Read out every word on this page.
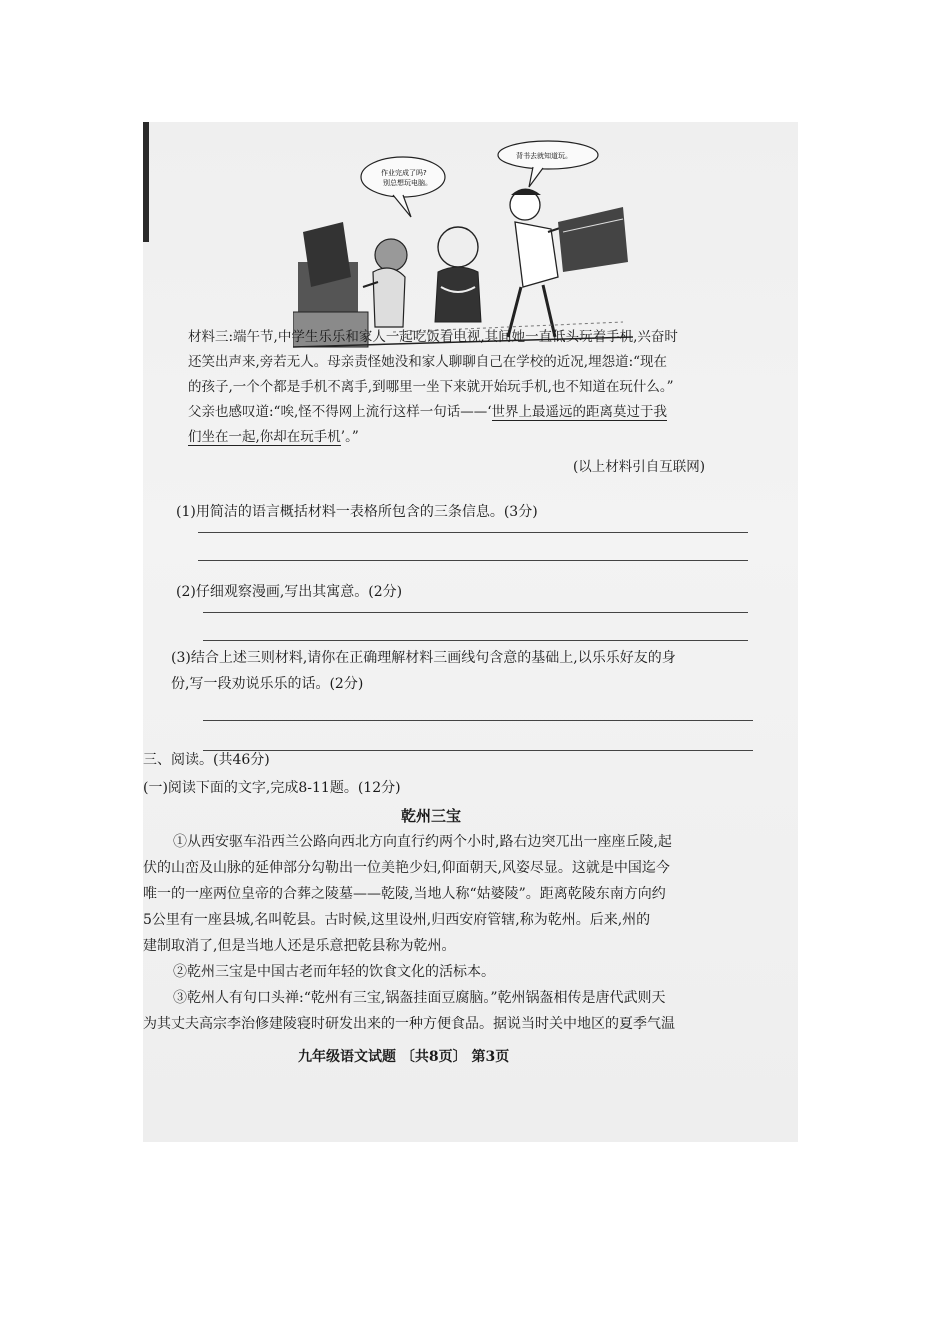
作业完成了吗?
别总想玩电脑。
背书去就知道玩。
材料三:端午节,中学生乐乐和家人一起吃饭看电视,其间她一直低头玩着手机,兴奋时
还笑出声来,旁若无人。母亲责怪她没和家人聊聊自己在学校的近况,埋怨道:“现在
的孩子,一个个都是手机不离手,到哪里一坐下来就开始玩手机,也不知道在玩什么。”
父亲也感叹道:“唉,怪不得网上流行这样一句话——‘世界上最遥远的距离莫过于我
们坐在一起,你却在玩手机’。”
(以上材料引自互联网)
(1)用简洁的语言概括材料一表格所包含的三条信息。(3分)
(2)仔细观察漫画,写出其寓意。(2分)
(3)结合上述三则材料,请你在正确理解材料三画线句含意的基础上,以乐乐好友的身
份,写一段劝说乐乐的话。(2分)
三、阅读。(共46分)
(一)阅读下面的文字,完成8-11题。(12分)
乾州三宝
①从西安驱车沿西兰公路向西北方向直行约两个小时,路右边突兀出一座座丘陵,起
伏的山峦及山脉的延伸部分勾勒出一位美艳少妇,仰面朝天,风姿尽显。这就是中国迄今
唯一的一座两位皇帝的合葬之陵墓——乾陵,当地人称“姑婆陵”。距离乾陵东南方向约
5公里有一座县城,名叫乾县。古时候,这里设州,归西安府管辖,称为乾州。后来,州的
建制取消了,但是当地人还是乐意把乾县称为乾州。
②乾州三宝是中国古老而年轻的饮食文化的活标本。
③乾州人有句口头禅:“乾州有三宝,锅盔挂面豆腐脑。”乾州锅盔相传是唐代武则天
为其丈夫高宗李治修建陵寝时研发出来的一种方便食品。据说当时关中地区的夏季气温
九年级语文试题 〔共8页〕 第3页
